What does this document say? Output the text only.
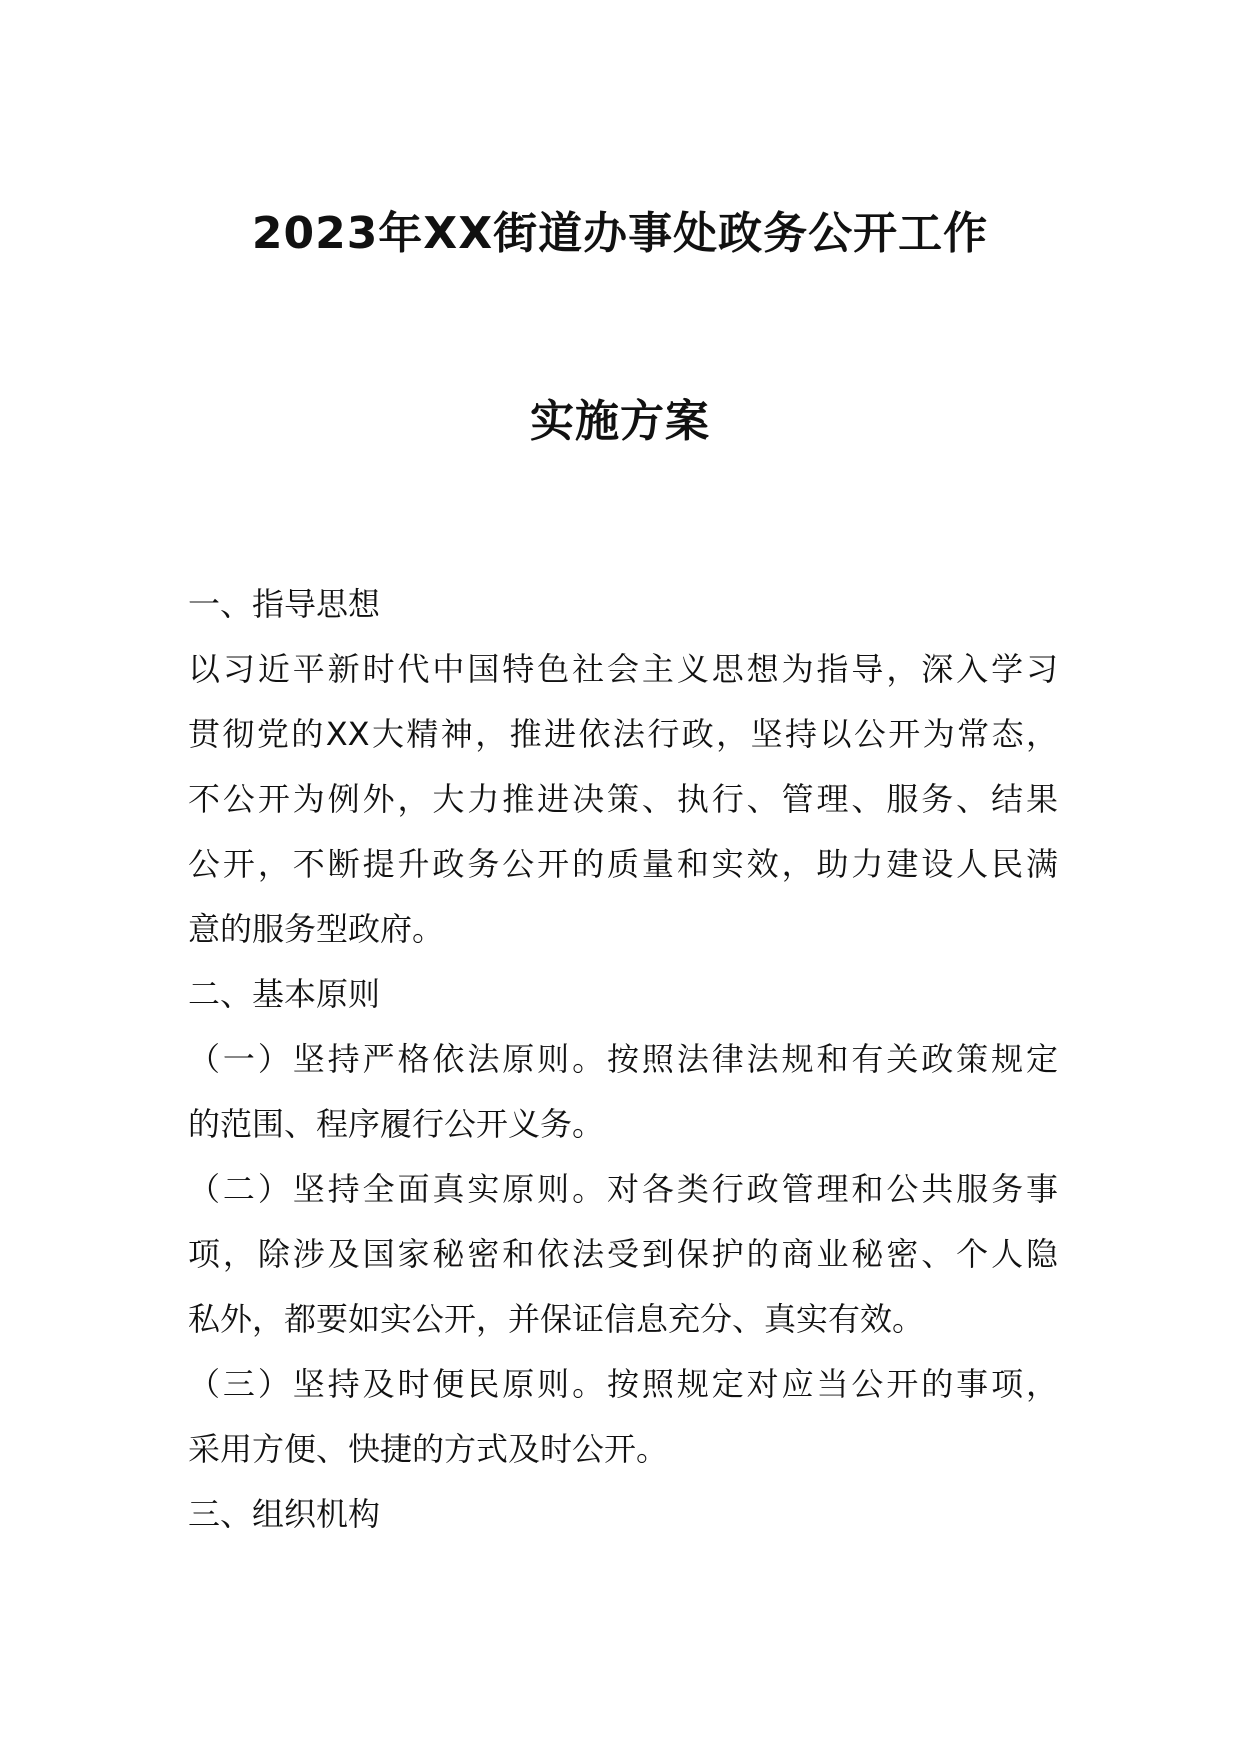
2023年XX街道办事处政务公开工作
实施方案
一、指导思想
以习近平新时代中国特色社会主义思想为指导，深入学习
贯彻党的XX大精神，推进依法行政，坚持以公开为常态，
不公开为例外，大力推进决策、执行、管理、服务、结果
公开，不断提升政务公开的质量和实效，助力建设人民满
意的服务型政府。
二、基本原则
（一）坚持严格依法原则。按照法律法规和有关政策规定
的范围、程序履行公开义务。
（二）坚持全面真实原则。对各类行政管理和公共服务事
项，除涉及国家秘密和依法受到保护的商业秘密、个人隐
私外，都要如实公开，并保证信息充分、真实有效。
（三）坚持及时便民原则。按照规定对应当公开的事项，
采用方便、快捷的方式及时公开。
三、组织机构
